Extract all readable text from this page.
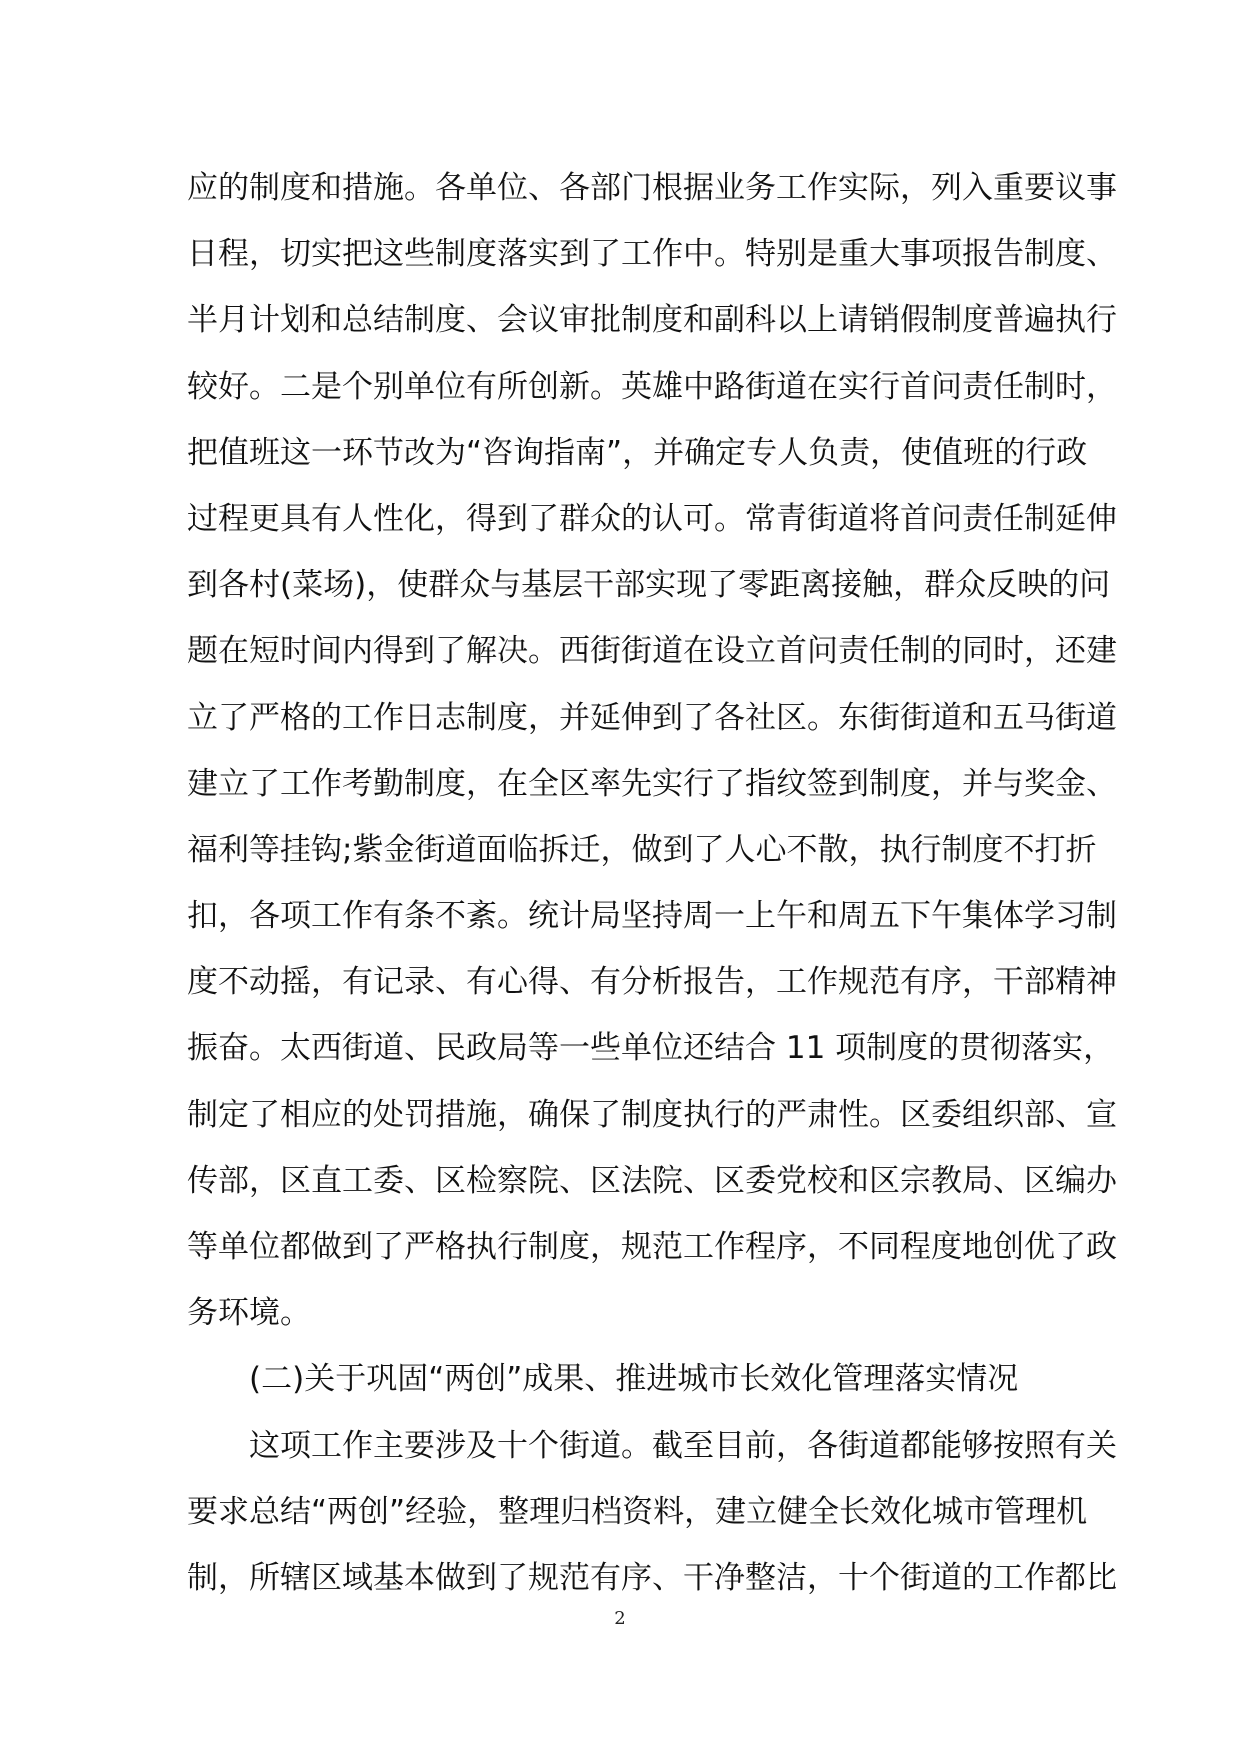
应的制度和措施。各单位、各部门根据业务工作实际，列入重要议事
日程，切实把这些制度落实到了工作中。特别是重大事项报告制度、
半月计划和总结制度、会议审批制度和副科以上请销假制度普遍执行
较好。二是个别单位有所创新。英雄中路街道在实行首问责任制时，
把值班这一环节改为“咨询指南”，并确定专人负责，使值班的行政
过程更具有人性化，得到了群众的认可。常青街道将首问责任制延伸
到各村(菜场)，使群众与基层干部实现了零距离接触，群众反映的问
题在短时间内得到了解决。西街街道在设立首问责任制的同时，还建
立了严格的工作日志制度，并延伸到了各社区。东街街道和五马街道
建立了工作考勤制度，在全区率先实行了指纹签到制度，并与奖金、
福利等挂钩;紫金街道面临拆迁，做到了人心不散，执行制度不打折
扣，各项工作有条不紊。统计局坚持周一上午和周五下午集体学习制
度不动摇，有记录、有心得、有分析报告，工作规范有序，干部精神
振奋。太西街道、民政局等一些单位还结合 11 项制度的贯彻落实，
制定了相应的处罚措施，确保了制度执行的严肃性。区委组织部、宣
传部，区直工委、区检察院、区法院、区委党校和区宗教局、区编办
等单位都做到了严格执行制度，规范工作程序，不同程度地创优了政
务环境。
(二)关于巩固“两创”成果、推进城市长效化管理落实情况
这项工作主要涉及十个街道。截至目前，各街道都能够按照有关
要求总结“两创”经验，整理归档资料，建立健全长效化城市管理机
制，所辖区域基本做到了规范有序、干净整洁，十个街道的工作都比
2
